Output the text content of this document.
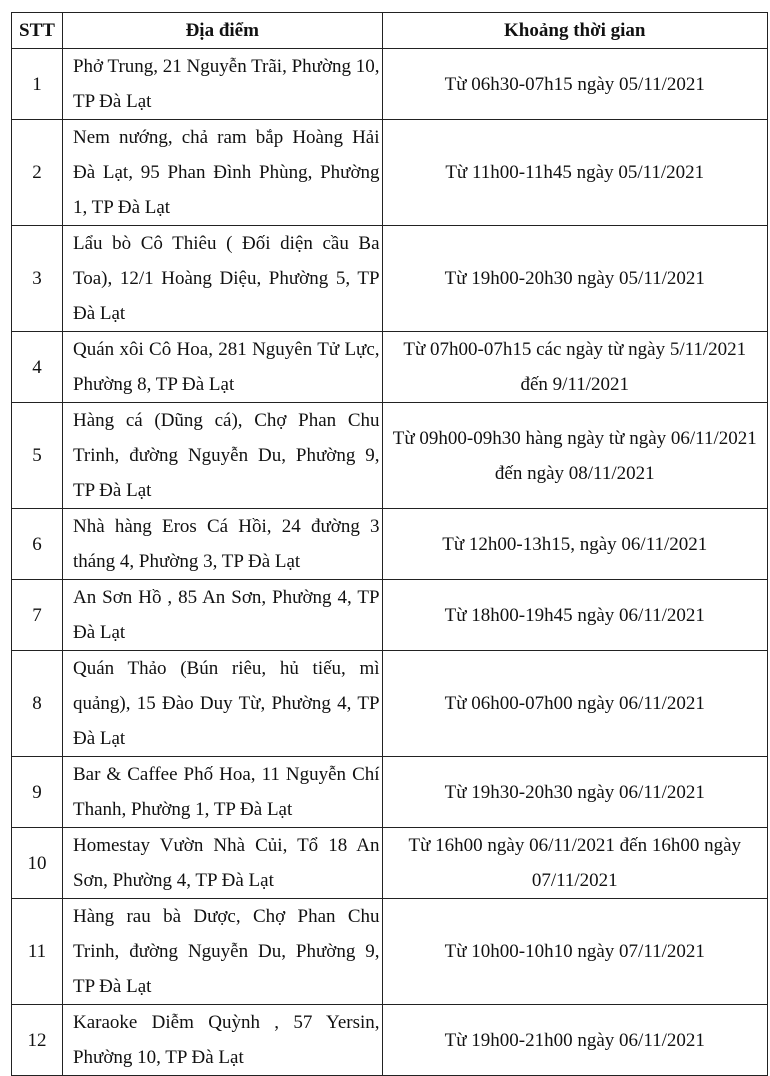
STT	Địa điểm	Khoảng thời gian
1	Phở Trung, 21 Nguyễn Trãi, Phường 10, TP Đà Lạt	Từ 06h30-07h15 ngày 05/11/2021
2	Nem nướng, chả ram bắp Hoàng Hải Đà Lạt, 95 Phan Đình Phùng, Phường 1, TP Đà Lạt	Từ 11h00-11h45 ngày 05/11/2021
3	Lẩu bò Cô Thiêu ( Đối diện cầu Ba Toa), 12/1 Hoàng Diệu, Phường 5, TP Đà Lạt	Từ 19h00-20h30 ngày 05/11/2021
4	Quán xôi Cô Hoa, 281 Nguyên Tử Lực, Phường 8, TP Đà Lạt	Từ 07h00-07h15 các ngày từ ngày 5/11/2021 đến 9/11/2021
5	Hàng cá (Dũng cá), Chợ Phan Chu Trinh, đường Nguyễn Du, Phường 9, TP Đà Lạt	Từ 09h00-09h30 hàng ngày từ ngày 06/11/2021 đến ngày 08/11/2021
6	Nhà hàng Eros Cá Hồi, 24 đường 3 tháng 4, Phường 3, TP Đà Lạt	Từ 12h00-13h15, ngày 06/11/2021
7	An Sơn Hồ , 85 An Sơn, Phường 4, TP Đà Lạt	Từ 18h00-19h45 ngày 06/11/2021
8	Quán Thảo (Bún riêu, hủ tiếu, mì quảng), 15 Đào Duy Từ, Phường 4, TP Đà Lạt	Từ 06h00-07h00 ngày 06/11/2021
9	Bar & Caffee Phố Hoa, 11 Nguyễn Chí Thanh, Phường 1, TP Đà Lạt	Từ 19h30-20h30 ngày 06/11/2021
10	Homestay Vườn Nhà Củi, Tổ 18 An Sơn, Phường 4, TP Đà Lạt	Từ 16h00 ngày 06/11/2021 đến 16h00 ngày 07/11/2021
11	Hàng rau bà Dược, Chợ Phan Chu Trinh, đường Nguyễn Du, Phường 9, TP Đà Lạt	Từ 10h00-10h10 ngày 07/11/2021
12	Karaoke Diễm Quỳnh , 57 Yersin, Phường 10, TP Đà Lạt	Từ 19h00-21h00 ngày 06/11/2021
